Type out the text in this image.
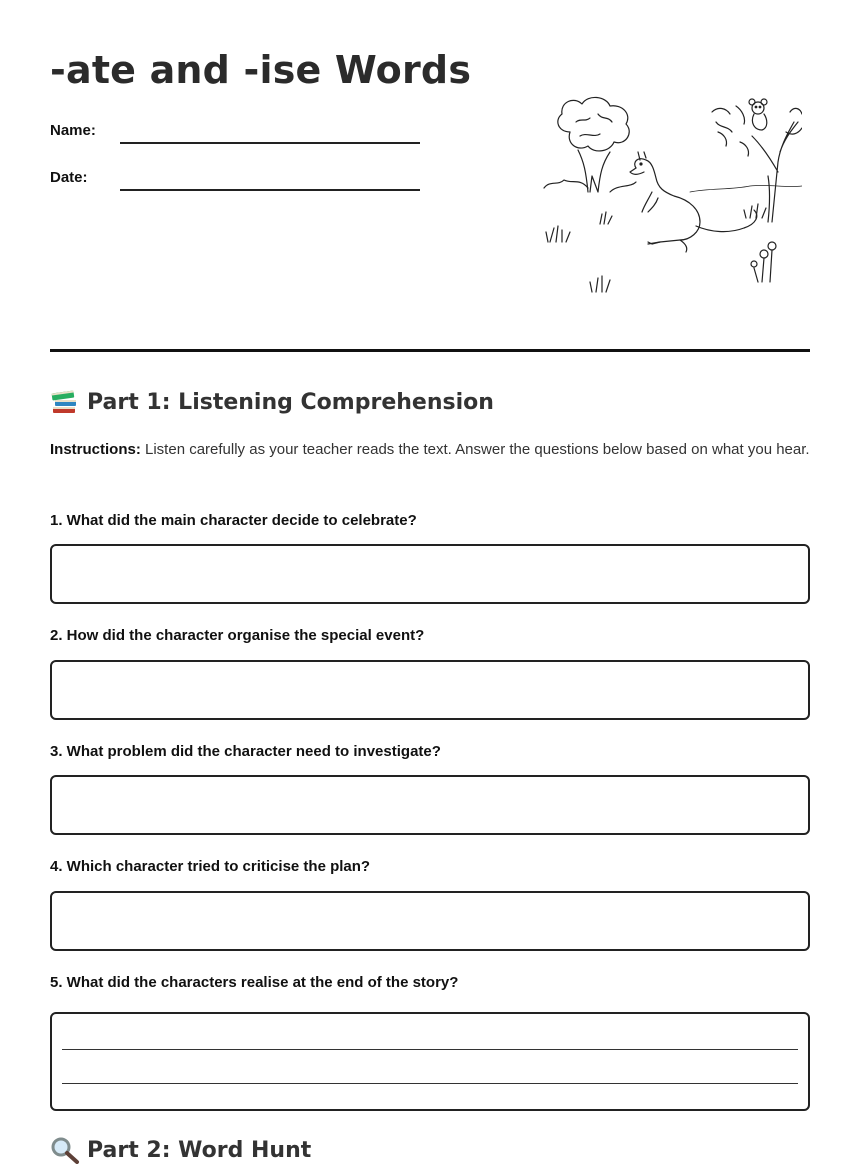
-ate and -ise Words
Name:
Date:
Part 1: Listening Comprehension
Instructions: Listen carefully as your teacher reads the text. Answer the questions below based on what you hear.
1. What did the main character decide to celebrate?
2. How did the character organise the special event?
3. What problem did the character need to investigate?
4. Which character tried to criticise the plan?
5. What did the characters realise at the end of the story?
Part 2: Word Hunt
